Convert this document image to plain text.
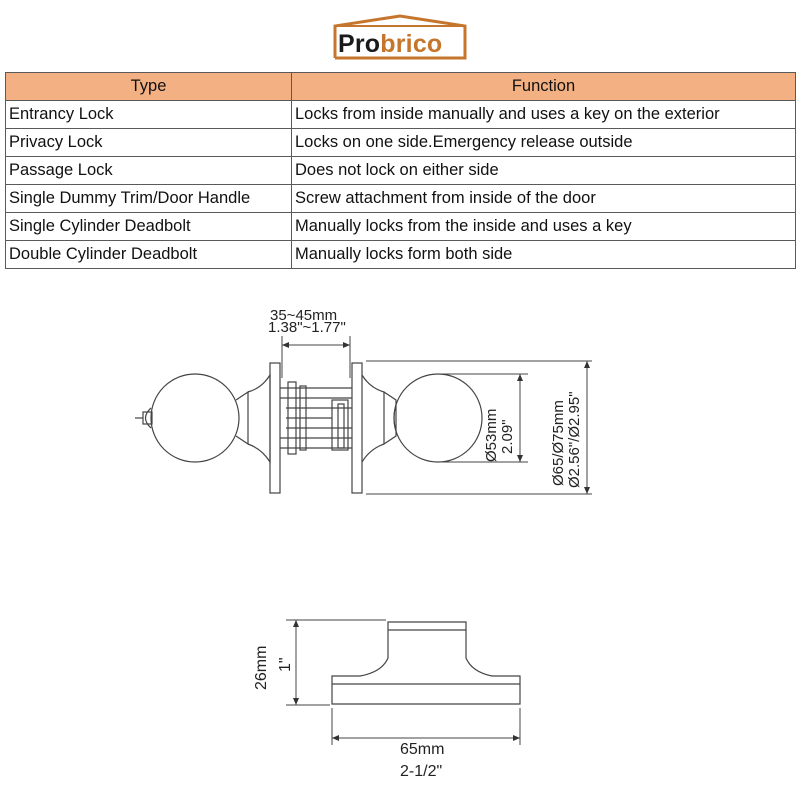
Probrico
Type	Function
Entrancy Lock	Locks from inside manually and uses a key on the exterior
Privacy Lock	Locks on one side.Emergency release outside
Passage Lock	Does not lock on either side
Single Dummy Trim/Door Handle	Screw attachment from inside of the door
Single Cylinder Deadbolt	Manually locks from the inside and uses a key
Double Cylinder Deadbolt	Manually locks form both side
35~45mm
1.38"~1.77"
Ø53mm 2.09" Ø65/Ø75mm Ø2.56"/Ø2.95"
26mm 1"
65mm
2-1/2"
